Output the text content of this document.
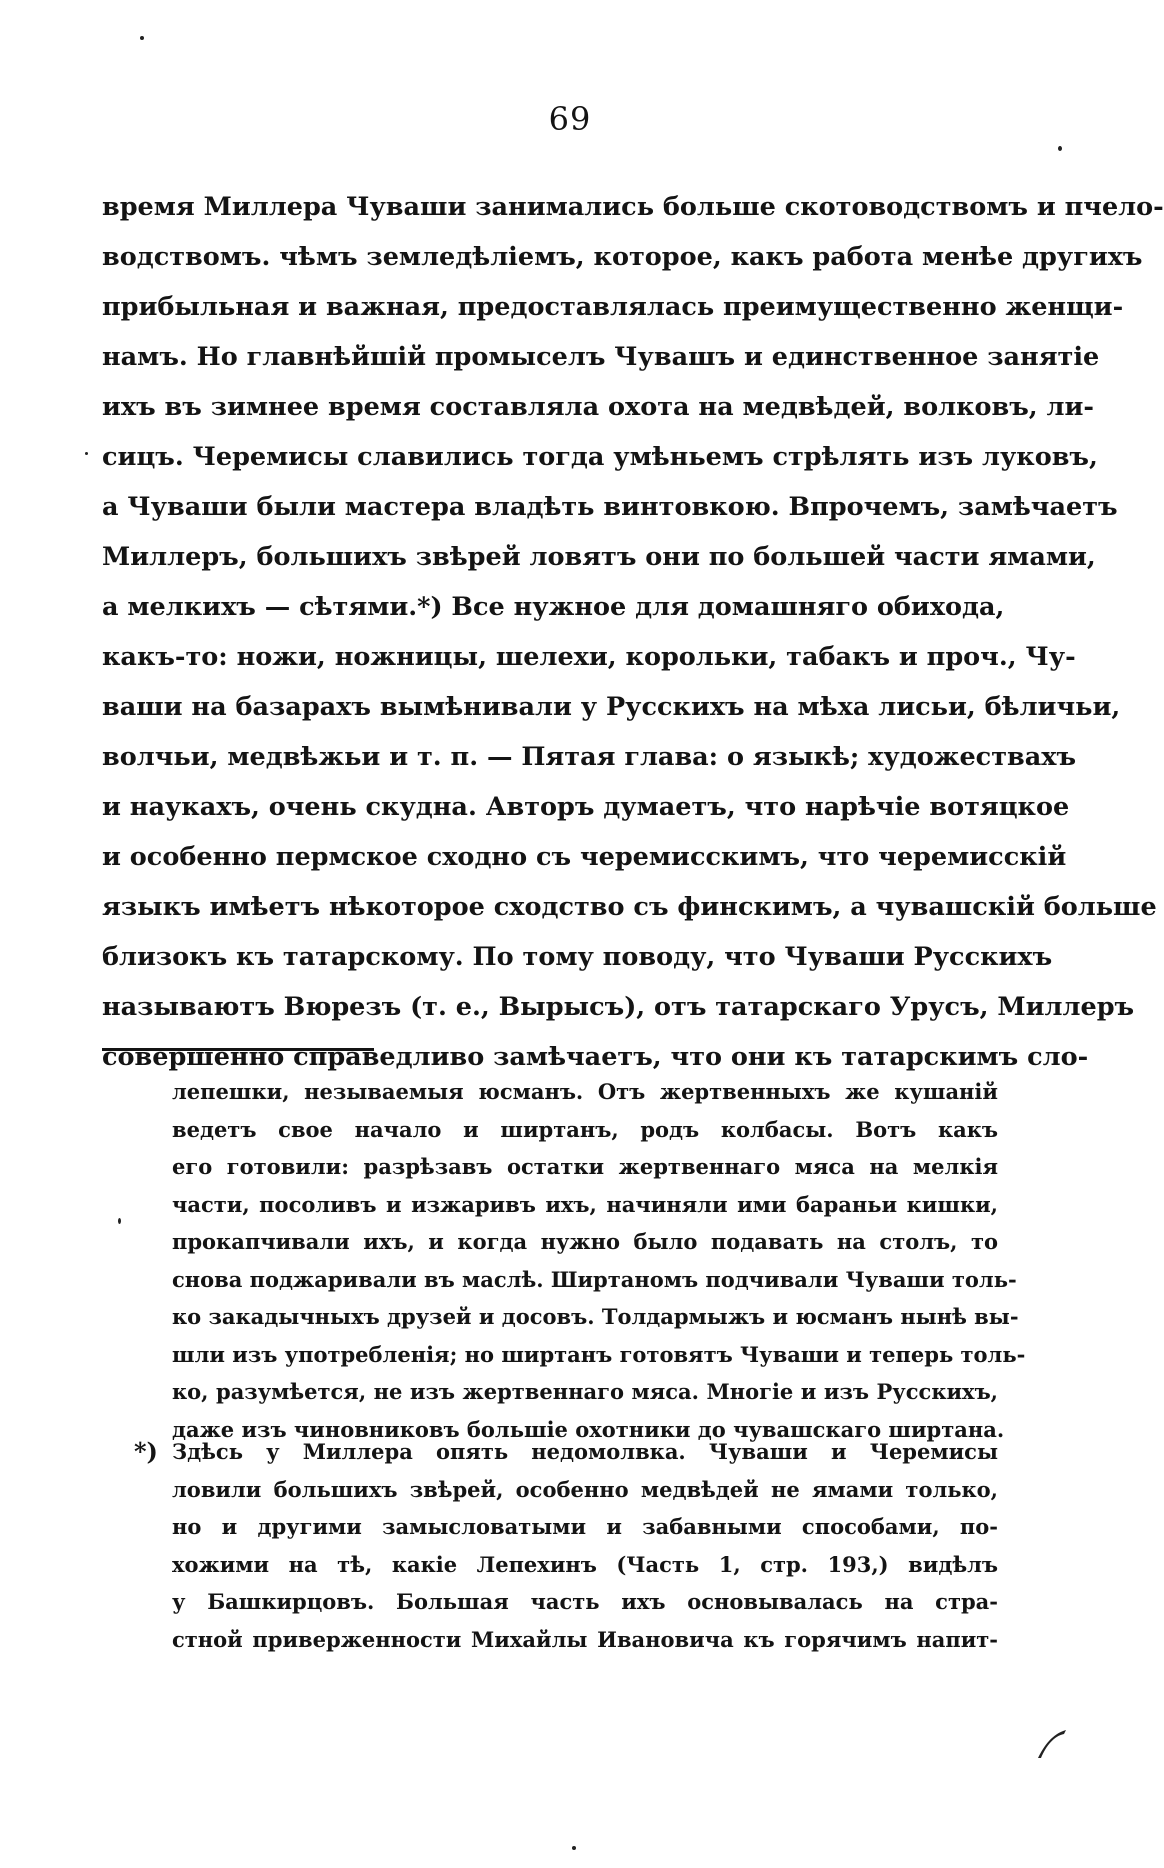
69
время Миллера Чуваши занимались больше скотоводствомъ и пчело-
водствомъ. чѣмъ земледѣліемъ, которое, какъ работа менѣе другихъ
прибыльная и важная, предоставлялась преимущественно женщи-
намъ. Но главнѣйшій промыселъ Чувашъ и единственное занятіе
ихъ въ зимнее время составляла охота на медвѣдей, волковъ, ли-
сицъ. Черемисы славились тогда умѣньемъ стрѣлять изъ луковъ,
а Чуваши были мастера владѣть винтовкою. Впрочемъ, замѣчаетъ
Миллеръ, большихъ звѣрей ловятъ они по большей части ямами,
а мелкихъ — сѣтями.*) Все нужное для домашняго обихода,
какъ-то: ножи, ножницы, шелехи, корольки, табакъ и проч., Чу-
ваши на базарахъ вымѣнивали у Русскихъ на мѣха лисьи, бѣличьи,
волчьи, медвѣжьи и т. п. — Пятая глава: о языкѣ; художествахъ
и наукахъ, очень скудна. Авторъ думаетъ, что нарѣчіе вотяцкое
и особенно пермское сходно съ черемисскимъ, что черемисскій
языкъ имѣетъ нѣкоторое сходство съ финскимъ, а чувашскій больше
близокъ къ татарскому. По тому поводу, что Чуваши Русскихъ
называютъ Вюрезъ (т. е., Вырысъ), отъ татарскаго Урусъ, Миллеръ
совершенно справедливо замѣчаетъ, что они къ татарскимъ сло-
лепешки, незываемыя юсманъ. Отъ жертвенныхъ же кушаній
ведетъ свое начало и ширтанъ, родъ колбасы. Вотъ какъ
его готовили: разрѣзавъ остатки жертвеннаго мяса на мелкія
части, посоливъ и изжаривъ ихъ, начиняли ими бараньи кишки,
прокапчивали ихъ, и когда нужно было подавать на столъ, то
снова поджаривали въ маслѣ. Ширтаномъ подчивали Чуваши толь-
ко закадычныхъ друзей и досовъ. Толдармыжъ и юсманъ нынѣ вы-
шли изъ употребленія; но ширтанъ готовятъ Чуваши и теперь толь-
ко, разумѣется, не изъ жертвеннаго мяса. Многіе и изъ Русскихъ,
даже изъ чиновниковъ большіе охотники до чувашскаго ширтана.
*) Здѣсь у Миллера опять недомолвка. Чуваши и Черемисы
ловили большихъ звѣрей, особенно медвѣдей не ямами только,
но и другими замысловатыми и забавными способами, по-
хожими на тѣ, какіе Лепехинъ (Часть 1, стр. 193,) видѣлъ
у Башкирцовъ. Большая часть ихъ основывалась на стра-
стной приверженности Михайлы Ивановича къ горячимъ напит-
